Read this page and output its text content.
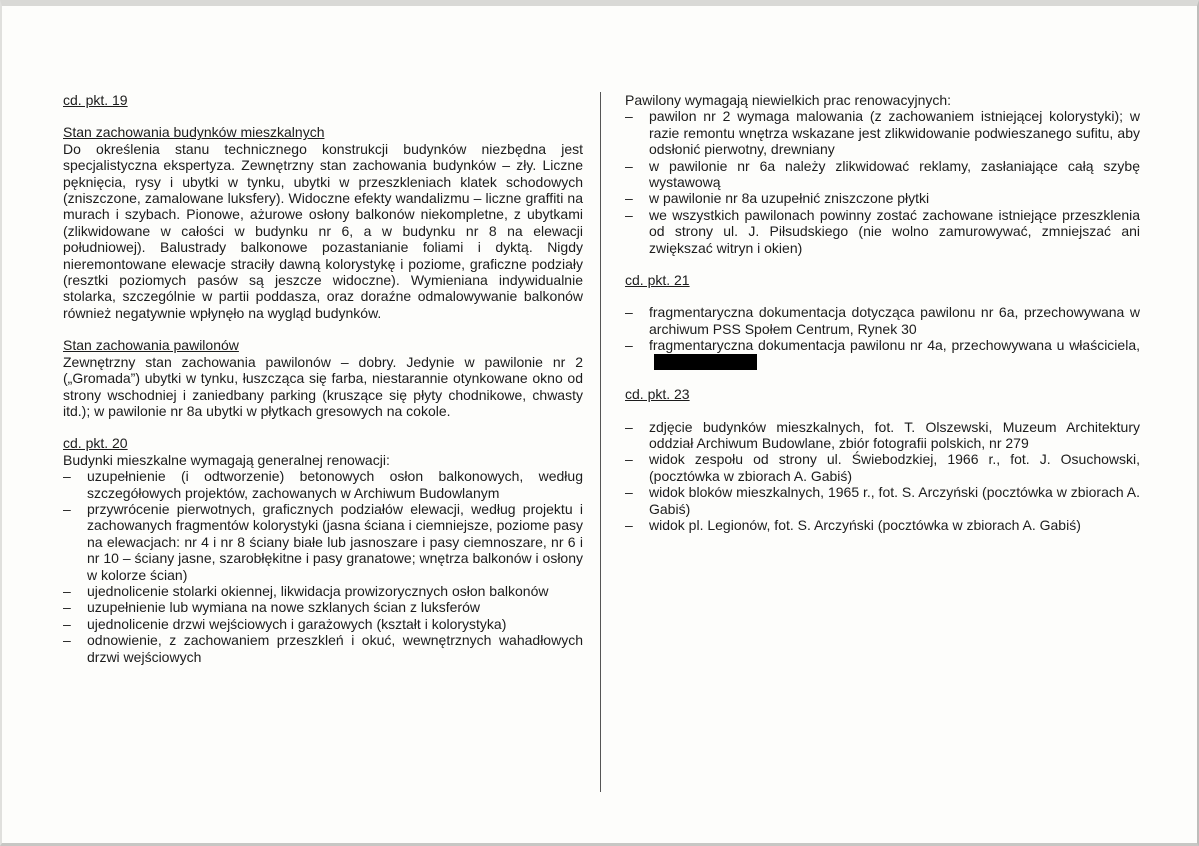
cd. pkt. 19

Stan zachowania budynków mieszkalnych

Do określenia stanu technicznego konstrukcji budynków niezbędna jest specjalistyczna ekspertyza. Zewnętrzny stan zachowania budynków – zły. Liczne pęknięcia, rysy i ubytki w tynku, ubytki w przeszkleniach klatek schodowych (zniszczone, zamalowane luksfery). Widoczne efekty wandalizmu – liczne graffiti na murach i szybach. Pionowe, ażurowe osłony balkonów niekompletne, z ubytkami (zlikwidowane w całości w budynku nr 6, a w budynku nr 8 na elewacji południowej). Balustrady balkonowe pozastanianie foliami i dyktą. Nigdy nieremontowane elewacje straciły dawną kolorystykę i poziome, graficzne podziały (resztki poziomych pasów są jeszcze widoczne). Wymieniana indywidualnie stolarka, szczególnie w partii poddasza, oraz doraźne odmalowywanie balkonów również negatywnie wpłynęło na wygląd budynków.

Stan zachowania pawilonów

Zewnętrzny stan zachowania pawilonów – dobry. Jedynie w pawilonie nr 2 („Gromada”) ubytki w tynku, łuszcząca się farba, niestarannie otynkowane okno od strony wschodniej i zaniedbany parking (kruszące się płyty chodnikowe, chwasty itd.); w pawilonie nr 8a ubytki w płytkach gresowych na cokole.

cd. pkt. 20

Budynki mieszkalne wymagają generalnej renowacji:

– uzupełnienie (i odtworzenie) betonowych osłon balkonowych, według szczegółowych projektów, zachowanych w Archiwum Budowlanym
– przywrócenie pierwotnych, graficznych podziałów elewacji, według projektu i zachowanych fragmentów kolorystyki (jasna ściana i ciemniejsze, poziome pasy na elewacjach: nr 4 i nr 8 ściany białe lub jasnoszare i pasy ciemnoszare, nr 6 i nr 10 – ściany jasne, szarobłękitne i pasy granatowe; wnętrza balkonów i osłony w kolorze ścian)
– ujednolicenie stolarki okiennej, likwidacja prowizorycznych osłon balkonów
– uzupełnienie lub wymiana na nowe szklanych ścian z luksferów
– ujednolicenie drzwi wejściowych i garażowych (kształt i kolorystyka)
– odnowienie, z zachowaniem przeszkleń i okuć, wewnętrznych wahadłowych drzwi wejściowych

Pawilony wymagają niewielkich prac renowacyjnych:

– pawilon nr 2 wymaga malowania (z zachowaniem istniejącej kolorystyki); w razie remontu wnętrza wskazane jest zlikwidowanie podwieszanego sufitu, aby odsłonić pierwotny, drewniany
– w pawilonie nr 6a należy zlikwidować reklamy, zasłaniające całą szybę wystawową
– w pawilonie nr 8a uzupełnić zniszczone płytki
– we wszystkich pawilonach powinny zostać zachowane istniejące przeszklenia od strony ul. J. Piłsudskiego (nie wolno zamurowywać, zmniejszać ani zwiększać witryn i okien)

cd. pkt. 21

– fragmentaryczna dokumentacja dotycząca pawilonu nr 6a, przechowywana w archiwum PSS Społem Centrum, Rynek 30
– fragmentaryczna dokumentacja pawilonu nr 4a, przechowywana u właściciela,

cd. pkt. 23

– zdjęcie budynków mieszkalnych, fot. T. Olszewski, Muzeum Architektury oddział Archiwum Budowlane, zbiór fotografii polskich, nr 279
– widok zespołu od strony ul. Świebodzkiej, 1966 r., fot. J. Osuchowski, (pocztówka w zbiorach A. Gabiś)
– widok bloków mieszkalnych, 1965 r., fot. S. Arczyński (pocztówka w zbiorach A. Gabiś)
– widok pl. Legionów, fot. S. Arczyński (pocztówka w zbiorach A. Gabiś)
